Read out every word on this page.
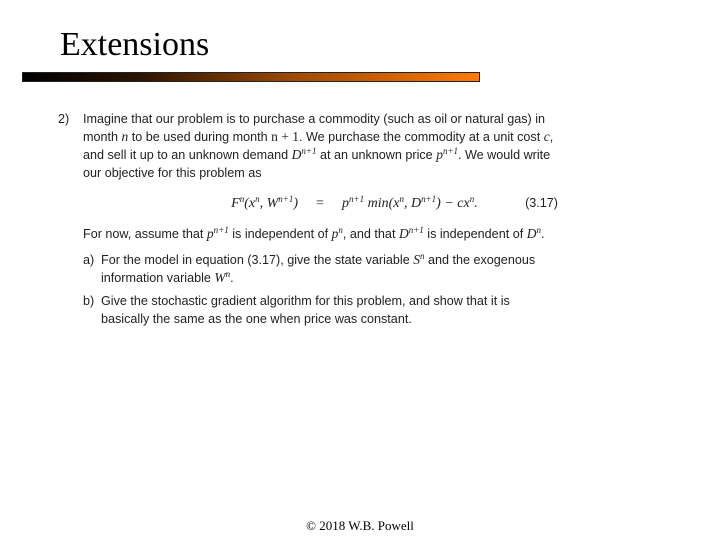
Extensions
2)	Imagine that our problem is to purchase a commodity (such as oil or natural gas) in month n to be used during month n + 1. We purchase the commodity at a unit cost c, and sell it up to an unknown demand $D^{n+1}$ at an unknown price $p^{n+1}$. We would write our objective for this problem as
$F^n(x^n$, $W^{n+1}$)	=	$p^{n+1}$ $\min(x^n$, $D^{n+1}) - cx^n$.	(3.17)
For now, assume that $p^{n+1}$ is independent of $p^n$, and that $D^{n+1}$ is independent of $D^n$.
a) For the model in equation (3.17), give the state variable $S^n$ and the exogenous information variable $W^n$.
b) Give the stochastic gradient algorithm for this problem, and show that it is basically the same as the one when price was constant.
© 2018 W.B. Powell
